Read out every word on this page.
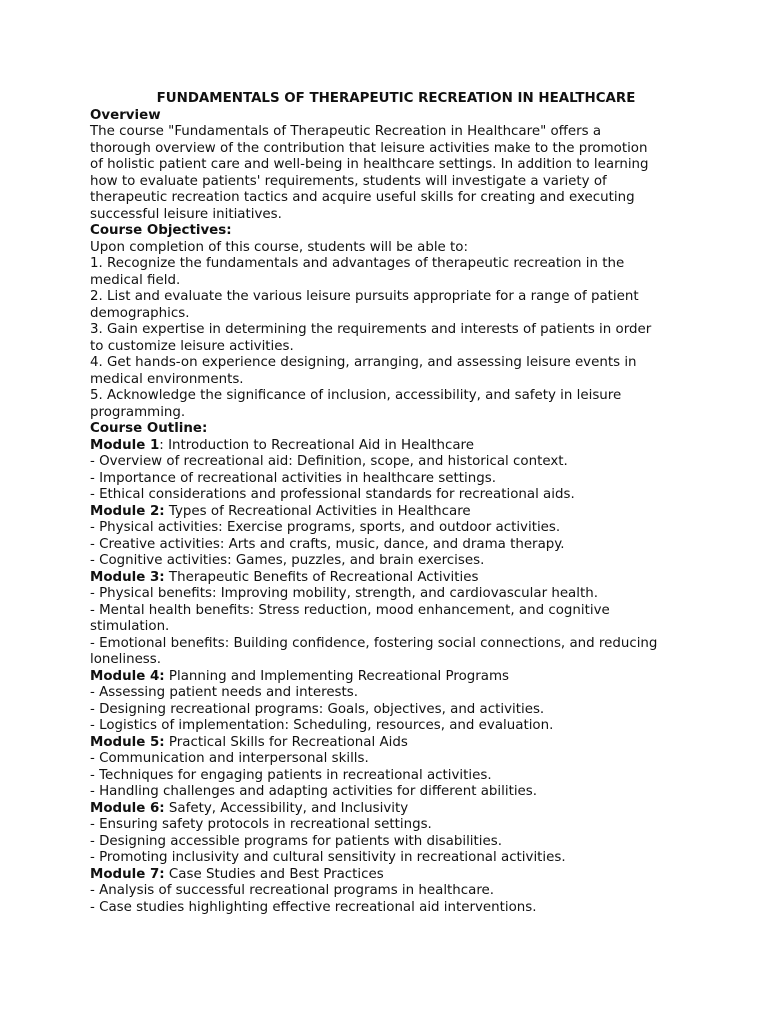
FUNDAMENTALS OF THERAPEUTIC RECREATION IN HEALTHCARE
Overview
The course "Fundamentals of Therapeutic Recreation in Healthcare" offers a
thorough overview of the contribution that leisure activities make to the promotion
of holistic patient care and well-being in healthcare settings. In addition to learning
how to evaluate patients' requirements, students will investigate a variety of
therapeutic recreation tactics and acquire useful skills for creating and executing
successful leisure initiatives.
Course Objectives:
Upon completion of this course, students will be able to:
1. Recognize the fundamentals and advantages of therapeutic recreation in the
medical field.
2. List and evaluate the various leisure pursuits appropriate for a range of patient
demographics.
3. Gain expertise in determining the requirements and interests of patients in order
to customize leisure activities.
4. Get hands-on experience designing, arranging, and assessing leisure events in
medical environments.
5. Acknowledge the significance of inclusion, accessibility, and safety in leisure
programming.
Course Outline:
Module 1: Introduction to Recreational Aid in Healthcare
- Overview of recreational aid: Definition, scope, and historical context.
- Importance of recreational activities in healthcare settings.
- Ethical considerations and professional standards for recreational aids.
Module 2: Types of Recreational Activities in Healthcare
- Physical activities: Exercise programs, sports, and outdoor activities.
- Creative activities: Arts and crafts, music, dance, and drama therapy.
- Cognitive activities: Games, puzzles, and brain exercises.
Module 3: Therapeutic Benefits of Recreational Activities
- Physical benefits: Improving mobility, strength, and cardiovascular health.
- Mental health benefits: Stress reduction, mood enhancement, and cognitive
stimulation.
- Emotional benefits: Building confidence, fostering social connections, and reducing
loneliness.
Module 4: Planning and Implementing Recreational Programs
- Assessing patient needs and interests.
- Designing recreational programs: Goals, objectives, and activities.
- Logistics of implementation: Scheduling, resources, and evaluation.
Module 5: Practical Skills for Recreational Aids
- Communication and interpersonal skills.
- Techniques for engaging patients in recreational activities.
- Handling challenges and adapting activities for different abilities.
Module 6: Safety, Accessibility, and Inclusivity
- Ensuring safety protocols in recreational settings.
- Designing accessible programs for patients with disabilities.
- Promoting inclusivity and cultural sensitivity in recreational activities.
Module 7: Case Studies and Best Practices
- Analysis of successful recreational programs in healthcare.
- Case studies highlighting effective recreational aid interventions.
